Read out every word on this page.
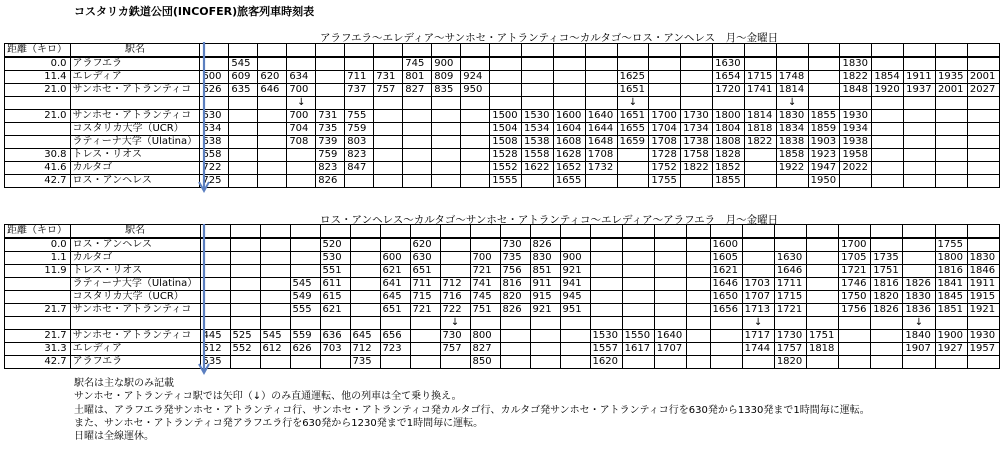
コスタリカ鉄道公団(INCOFER)旅客列車時刻表
アラフエラ～エレディア～サンホセ・アトランティコ～カルタゴ～ロス・アンヘレス　月～金曜日
距離（キロ）	駅名																										
0.0	アラフエラ		545						745	900									1630				1830				
11.4	エレディア	600	609	620	634		711	731	801	809	924					1625			1654	1715	1748		1822	1854	1911	1935	2001
21.0	サンホセ・アトランティコ	626	635	646	700		737	757	827	835	950					1651			1720	1741	1814		1848	1920	1937	2001	2027
					↓											↓					↓						
21.0	サンホセ・アトランティコ	630			700	731	755					1500	1530	1600	1640	1651	1700	1730	1800	1814	1830	1855	1930				
	コスタリカ大学（UCR）	634			704	735	759					1504	1534	1604	1644	1655	1704	1734	1804	1818	1834	1859	1934				
	ラティーナ大学（Ulatina）	638			708	739	803					1508	1538	1608	1648	1659	1708	1738	1808	1822	1838	1903	1938				
30.8	トレス・リオス	658				759	823					1528	1558	1628	1708		1728	1758	1828		1858	1923	1958				
41.6	カルタゴ	722				823	847					1552	1622	1652	1732		1752	1822	1852		1922	1947	2022				
42.7	ロス・アンヘレス	725				826						1555		1655			1755		1855			1950					
ロス・アンヘレス～カルタゴ～サンホセ・アトランティコ～エレディア～アラフエラ　月～金曜日
距離（キロ）	駅名																										
0.0	ロス・アンヘレス					520			620			730	826						1600				1700			1755	
1.1	カルタゴ					530		600	630		700	735	830	900					1605		1630		1705	1735		1800	1830
11.9	トレス・リオス					551		621	651		721	756	851	921					1621		1646		1721	1751		1816	1846
	ラティーナ大学（Ulatina）				545	611		641	711	712	741	816	911	941					1646	1703	1711		1746	1816	1826	1841	1911
	コスタリカ大学（UCR）				549	615		645	715	716	745	820	915	945					1650	1707	1715		1750	1820	1830	1845	1915
21.7	サンホセ・アトランティコ				555	621		651	721	722	751	826	921	951					1656	1713	1721		1756	1826	1836	1851	1921
										↓										↓					↓		
21.7	サンホセ・アトランティコ	445	525	545	559	636	645	656		730	800				1530	1550	1640			1717	1730	1751			1840	1900	1930
31.3	エレディア	512	552	612	626	703	712	723		757	827				1557	1617	1707			1744	1757	1818			1907	1927	1957
42.7	アラフエラ	535					735				850				1620						1820						
駅名は主な駅のみ記載
サンホセ・アトランティコ駅では矢印（↓）のみ直通運転、他の列車は全て乗り換え。
土曜は、アラフエラ発サンホセ・アトランティコ行、サンホセ・アトランティコ発カルタゴ行、カルタゴ発サンホセ・アトランティコ行を630発から1330発まで1時間毎に運転。
また、サンホセ・アトランティコ発アラフエラ行を630発から1230発まで1時間毎に運転。
日曜は全線運休。
